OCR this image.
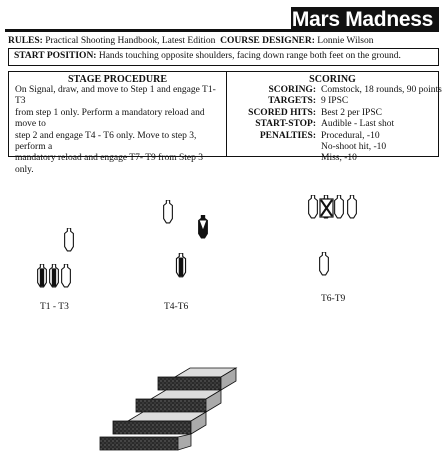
Mars Madness
RULES: Practical Shooting Handbook, Latest Edition COURSE DESIGNER: Lonnie Wilson
START POSITION: Hands touching opposite shoulders, facing down range both feet on the ground.
STAGE PROCEDURE
On Signal, draw, and move to Step 1 and engage T1-T3
from step 1 only. Perform a mandatory reload and move to
step 2 and engage T4 - T6 only. Move to step 3, perform a
mandatory reload and engage T7- T9 from Step 3 only.
SCORING
SCORING: Comstock, 18 rounds, 90 points
TARGETS: 9 IPSC
SCORED HITS: Best 2 per IPSC
START-STOP: Audible - Last shot
PENALTIES: Procedural, -10
No-shoot hit, -10
Miss, -10
T1 - T3	T4-T6
T6-T9
